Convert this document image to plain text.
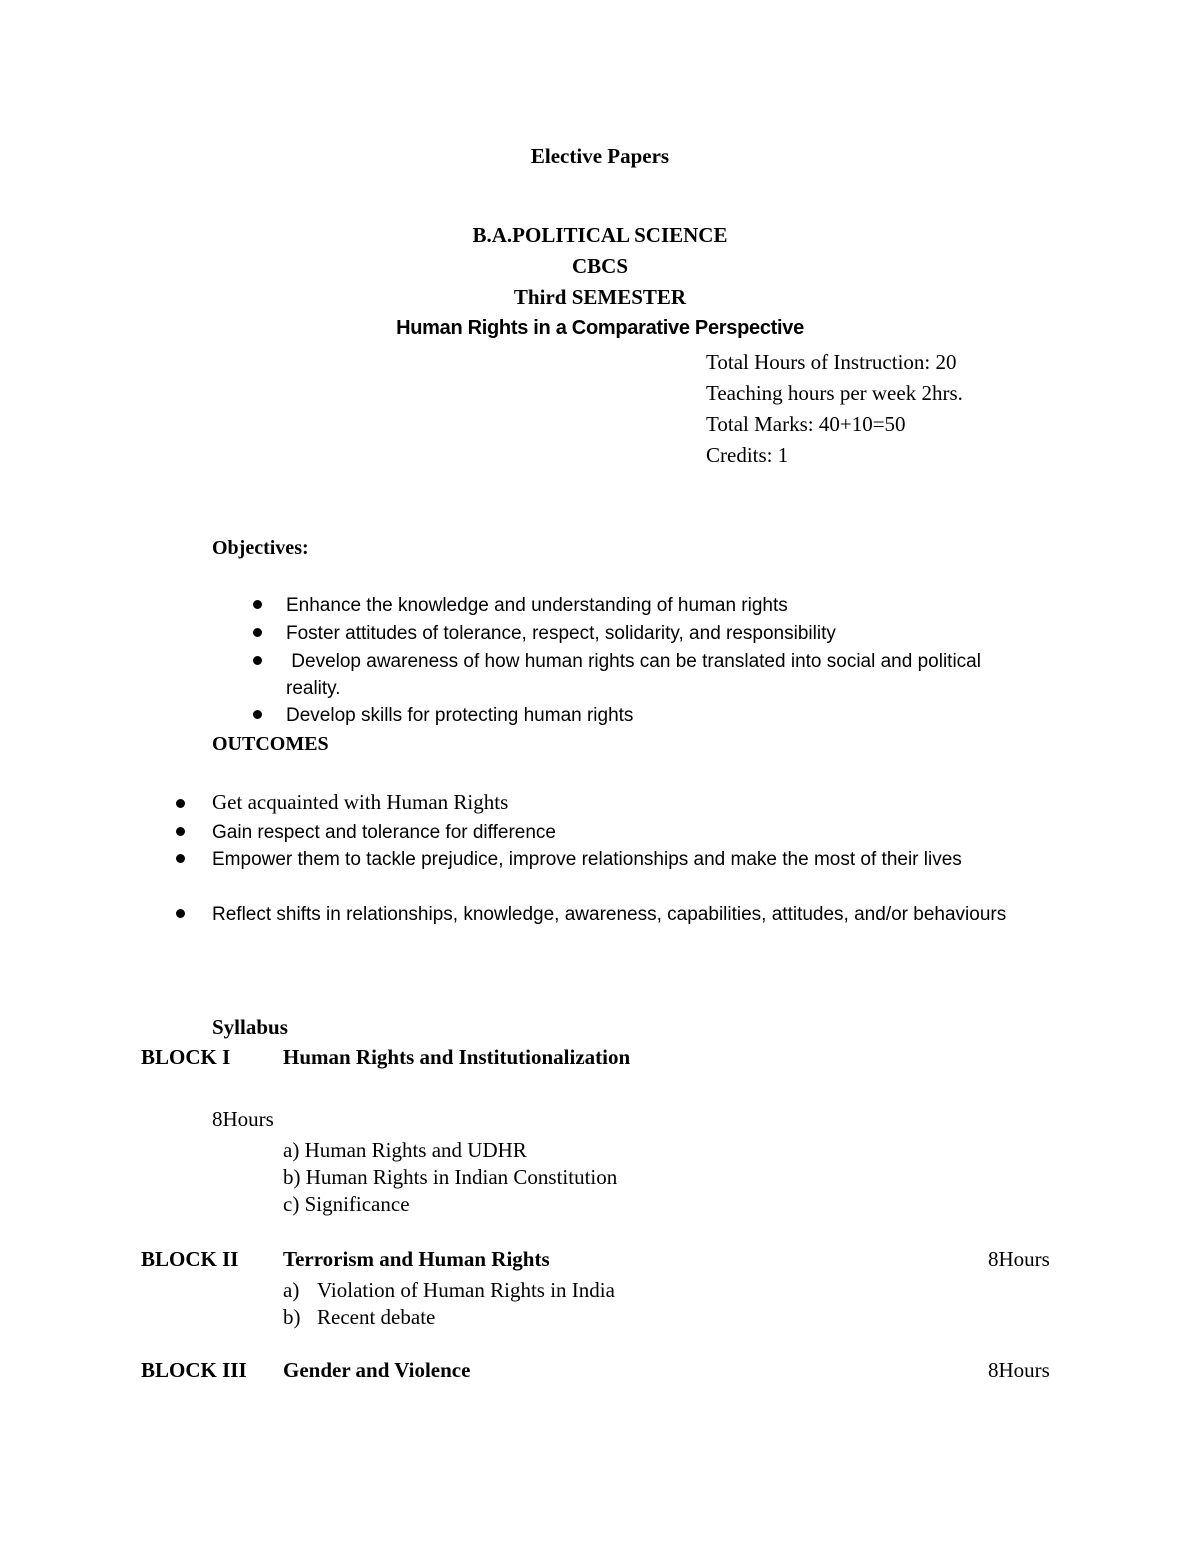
Elective Papers
B.A.POLITICAL SCIENCE
CBCS
Third SEMESTER
Human Rights in a Comparative Perspective
Total Hours of Instruction: 20
Teaching hours per week 2hrs.
Total Marks: 40+10=50
Credits: 1
Objectives:
Enhance the knowledge and understanding of human rights
Foster attitudes of tolerance, respect, solidarity, and responsibility
Develop awareness of how human rights can be translated into social and political reality.
Develop skills for protecting human rights
OUTCOMES
Get acquainted with Human Rights
Gain respect and tolerance for difference
Empower them to tackle prejudice, improve relationships and make the most of their lives
Reflect shifts in relationships, knowledge, awareness, capabilities, attitudes, and/or behaviours
Syllabus
BLOCK I	Human Rights and Institutionalization
8Hours
a) Human Rights and UDHR
b) Human Rights in Indian Constitution
c) Significance
BLOCK II Terrorism and Human Rights	8Hours
a) Violation of Human Rights in India
b) Recent debate
BLOCK III Gender and Violence	8Hours
